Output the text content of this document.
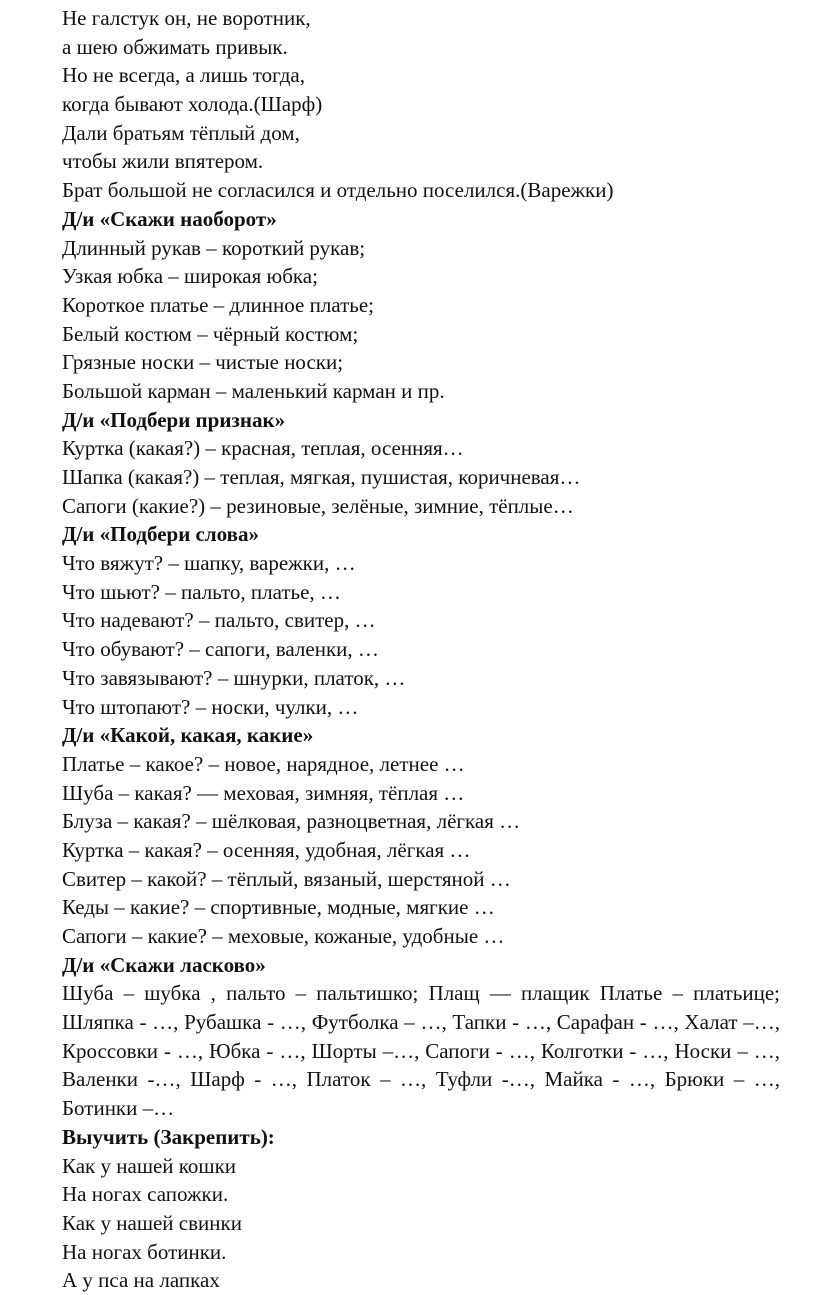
Не галстук он, не воротник,
а шею обжимать привык.
Но не всегда, а лишь тогда,
когда бывают холода.(Шарф)
Дали братьям тёплый дом,
чтобы жили впятером.
Брат большой не согласился и отдельно поселился.(Варежки)
Д/и «Скажи наоборот»
Длинный рукав – короткий рукав;
Узкая юбка – широкая юбка;
Короткое платье – длинное платье;
Белый костюм – чёрный костюм;
Грязные носки – чистые носки;
Большой карман – маленький карман и пр.
Д/и «Подбери признак»
Куртка (какая?) – красная, теплая, осенняя…
Шапка (какая?) – теплая, мягкая, пушистая, коричневая…
Сапоги (какие?) – резиновые, зелёные, зимние, тёплые…
Д/и «Подбери слова»
Что вяжут? – шапку, варежки, …
Что шьют? – пальто, платье, …
Что надевают? – пальто, свитер, …
Что обувают? – сапоги, валенки, …
Что завязывают? – шнурки, платок, …
Что штопают? – носки, чулки, …
Д/и «Какой, какая, какие»
Платье – какое? – новое, нарядное, летнее …
Шуба – какая? –– меховая, зимняя, тёплая …
Блуза – какая? – шёлковая, разноцветная, лёгкая …
Куртка – какая? – осенняя, удобная, лёгкая …
Свитер – какой? – тёплый, вязаный, шерстяной …
Кеды – какие? – спортивные, модные, мягкие …
Сапоги – какие? – меховые, кожаные, удобные …
Д/и «Скажи ласково»
Шуба – шубка , пальто – пальтишко; Плащ –– плащик Платье – платьице; Шляпка - …, Рубашка - …, Футболка – …, Тапки - …, Сарафан - …, Халат –…, Кроссовки - …, Юбка - …, Шорты –…, Сапоги - …, Колготки - …, Носки – …, Валенки -…, Шарф - …, Платок – …, Туфли -…, Майка - …, Брюки – …, Ботинки –…
Выучить (Закрепить):
Как у нашей кошки
На ногах сапожки.
Как у нашей свинки
На ногах ботинки.
А у пса на лапках
